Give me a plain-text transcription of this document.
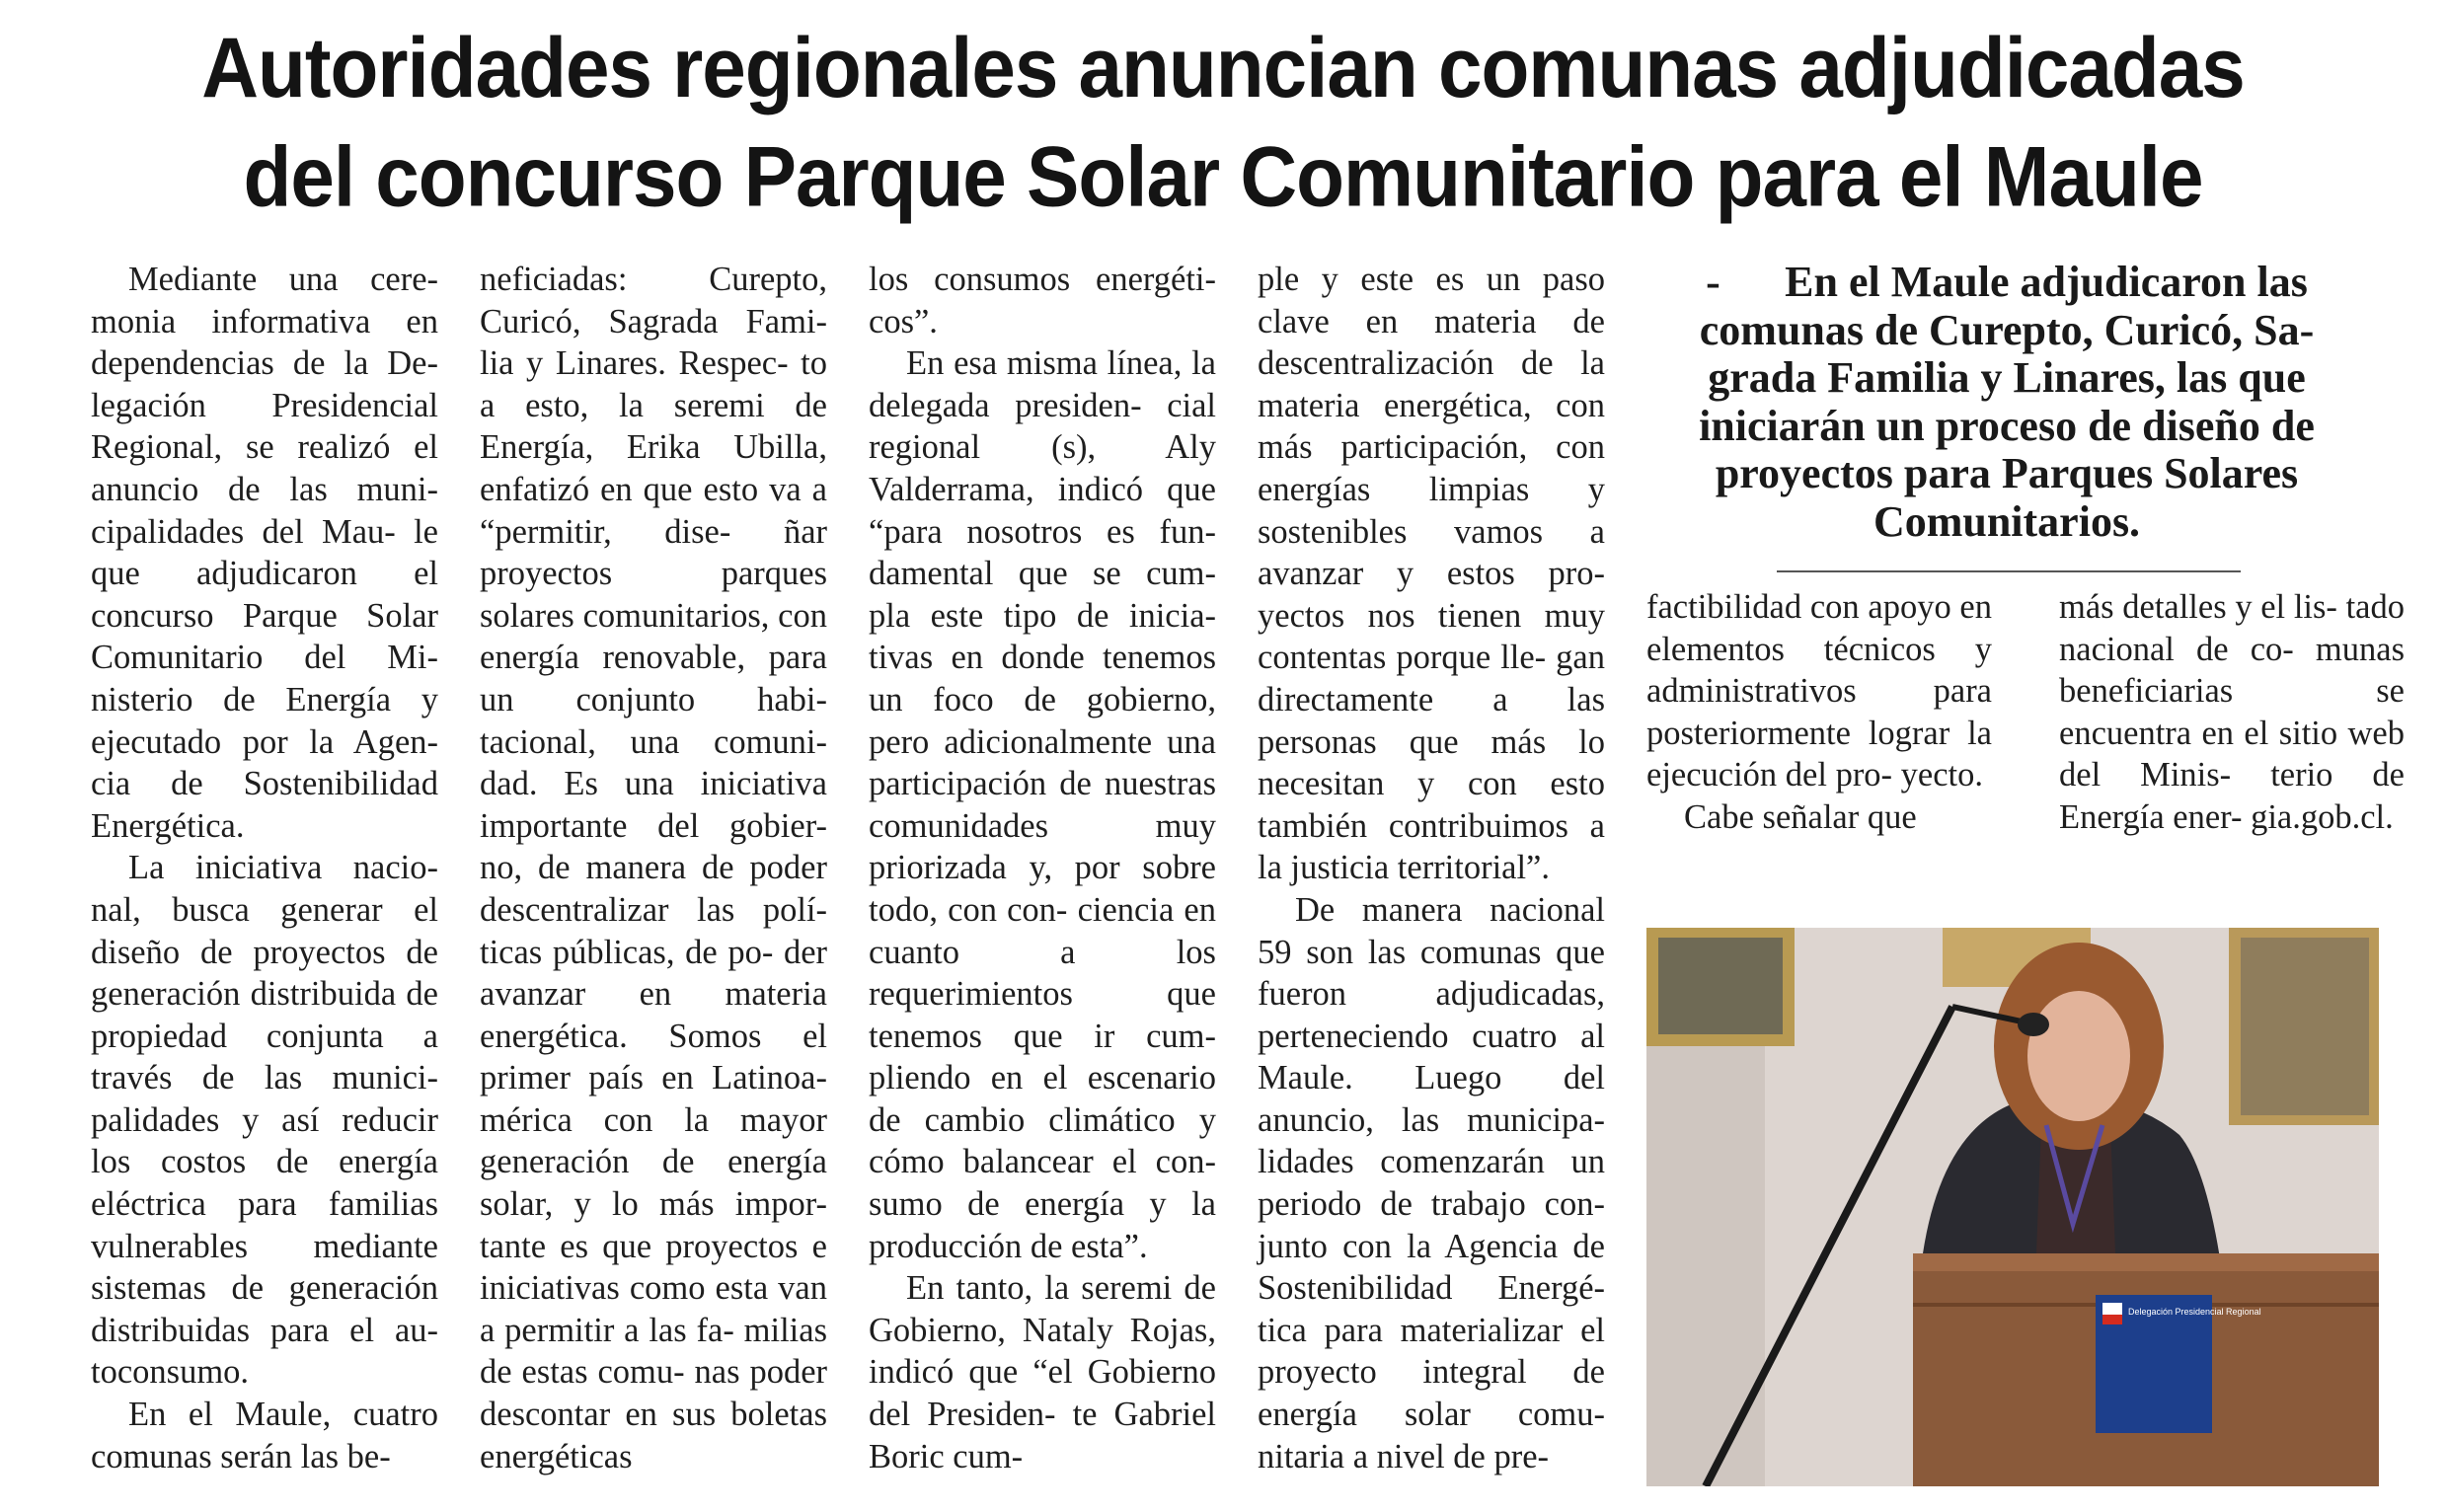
Autoridades regionales anuncian comunas adjudicadas
del concurso Parque Solar Comunitario para el Maule

Mediante una cere- monia informativa en dependencias de la De- legación Presidencial Regional, se realizó el anuncio de las muni- cipalidades del Mau- le que adjudicaron el concurso Parque Solar Comunitario del Mi- nisterio de Energía y ejecutado por la Agen- cia de Sostenibilidad Energética.

La iniciativa nacio- nal, busca generar el diseño de proyectos de generación distribuida de propiedad conjunta a través de las munici- palidades y así reducir los costos de energía eléctrica para familias vulnerables mediante sistemas de generación distribuidas para el au- toconsumo.

En el Maule, cuatro comunas serán las be-

neficiadas: Curepto, Curicó, Sagrada Fami- lia y Linares. Respec- to a esto, la seremi de Energía, Erika Ubilla, enfatizó en que esto va a “permitir, dise- ñar proyectos parques solares comunitarios, con energía renovable, para un conjunto habi- tacional, una comuni- dad. Es una iniciativa importante del gobier- no, de manera de poder descentralizar las polí- ticas públicas, de po- der avanzar en materia energética. Somos el primer país en Latinoa- mérica con la mayor generación de energía solar, y lo más impor- tante es que proyectos e iniciativas como esta van a permitir a las fa- milias de estas comu- nas poder descontar en sus boletas energéticas

los consumos energéti- cos”.

En esa misma línea, la delegada presiden- cial regional (s), Aly Valderrama, indicó que “para nosotros es fun- damental que se cum- pla este tipo de inicia- tivas en donde tenemos un foco de gobierno, pero adicionalmente una participación de nuestras comunidades muy priorizada y, por sobre todo, con con- ciencia en cuanto a los requerimientos que tenemos que ir cum- pliendo en el escenario de cambio climático y cómo balancear el con- sumo de energía y la producción de esta”.

En tanto, la seremi de Gobierno, Nataly Rojas, indicó que “el Gobierno del Presiden- te Gabriel Boric cum-

ple y este es un paso clave en materia de descentralización de la materia energética, con más participación, con energías limpias y sostenibles vamos a avanzar y estos pro- yectos nos tienen muy contentas porque lle- gan directamente a las personas que más lo necesitan y con esto también contribuimos a la justicia territorial”.

De manera nacional 59 son las comunas que fueron adjudicadas, perteneciendo cuatro al Maule. Luego del anuncio, las municipa- lidades comenzarán un periodo de trabajo con- junto con la Agencia de Sostenibilidad Energé- tica para materializar el proyecto integral de energía solar comu- nitaria a nivel de pre-

- En el Maule adjudicaron las comunas de Curepto, Curicó, Sa- grada Familia y Linares, las que iniciarán un proceso de diseño de proyectos para Parques Solares Comunitarios.

factibilidad con apoyo en elementos técnicos y administrativos para posteriormente lograr la ejecución del pro- yecto.

Cabe señalar que

más detalles y el lis- tado nacional de co- munas beneficiarias se encuentra en el sitio web del Minis- terio de Energía ener- gia.gob.cl.

Delegación Presidencial Regional
